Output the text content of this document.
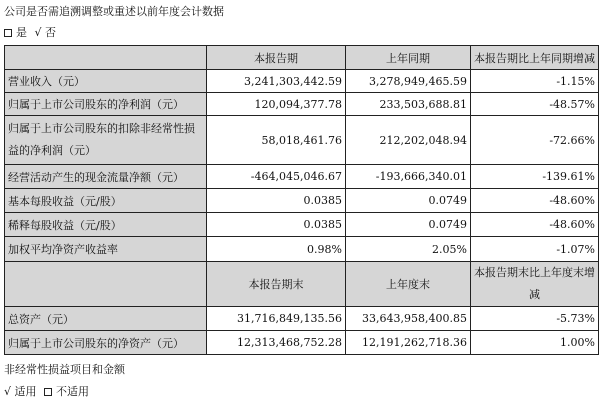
公司是否需追溯调整或重述以前年度会计数据
是 √ 否
	本报告期	上年同期	本报告期比上年同期增减
营业收入（元）	3,241,303,442.59	3,278,949,465.59	-1.15%
归属于上市公司股东的净利润（元）	120,094,377.78	233,503,688.81	-48.57%
归属于上市公司股东的扣除非经常性损益的净利润（元）	58,018,461.76	212,202,048.94	-72.66%
经营活动产生的现金流量净额（元）	-464,045,046.67	-193,666,340.01	-139.61%
基本每股收益（元/股）	0.0385	0.0749	-48.60%
稀释每股收益（元/股）	0.0385	0.0749	-48.60%
加权平均净资产收益率	0.98%	2.05%	-1.07%
	本报告期末	上年度末	本报告期末比上年度末增减
总资产（元）	31,716,849,135.56	33,643,958,400.85	-5.73%
归属于上市公司股东的净资产（元）	12,313,468,752.28	12,191,262,718.36	1.00%
非经常性损益项目和金额
√ 适用 不适用
